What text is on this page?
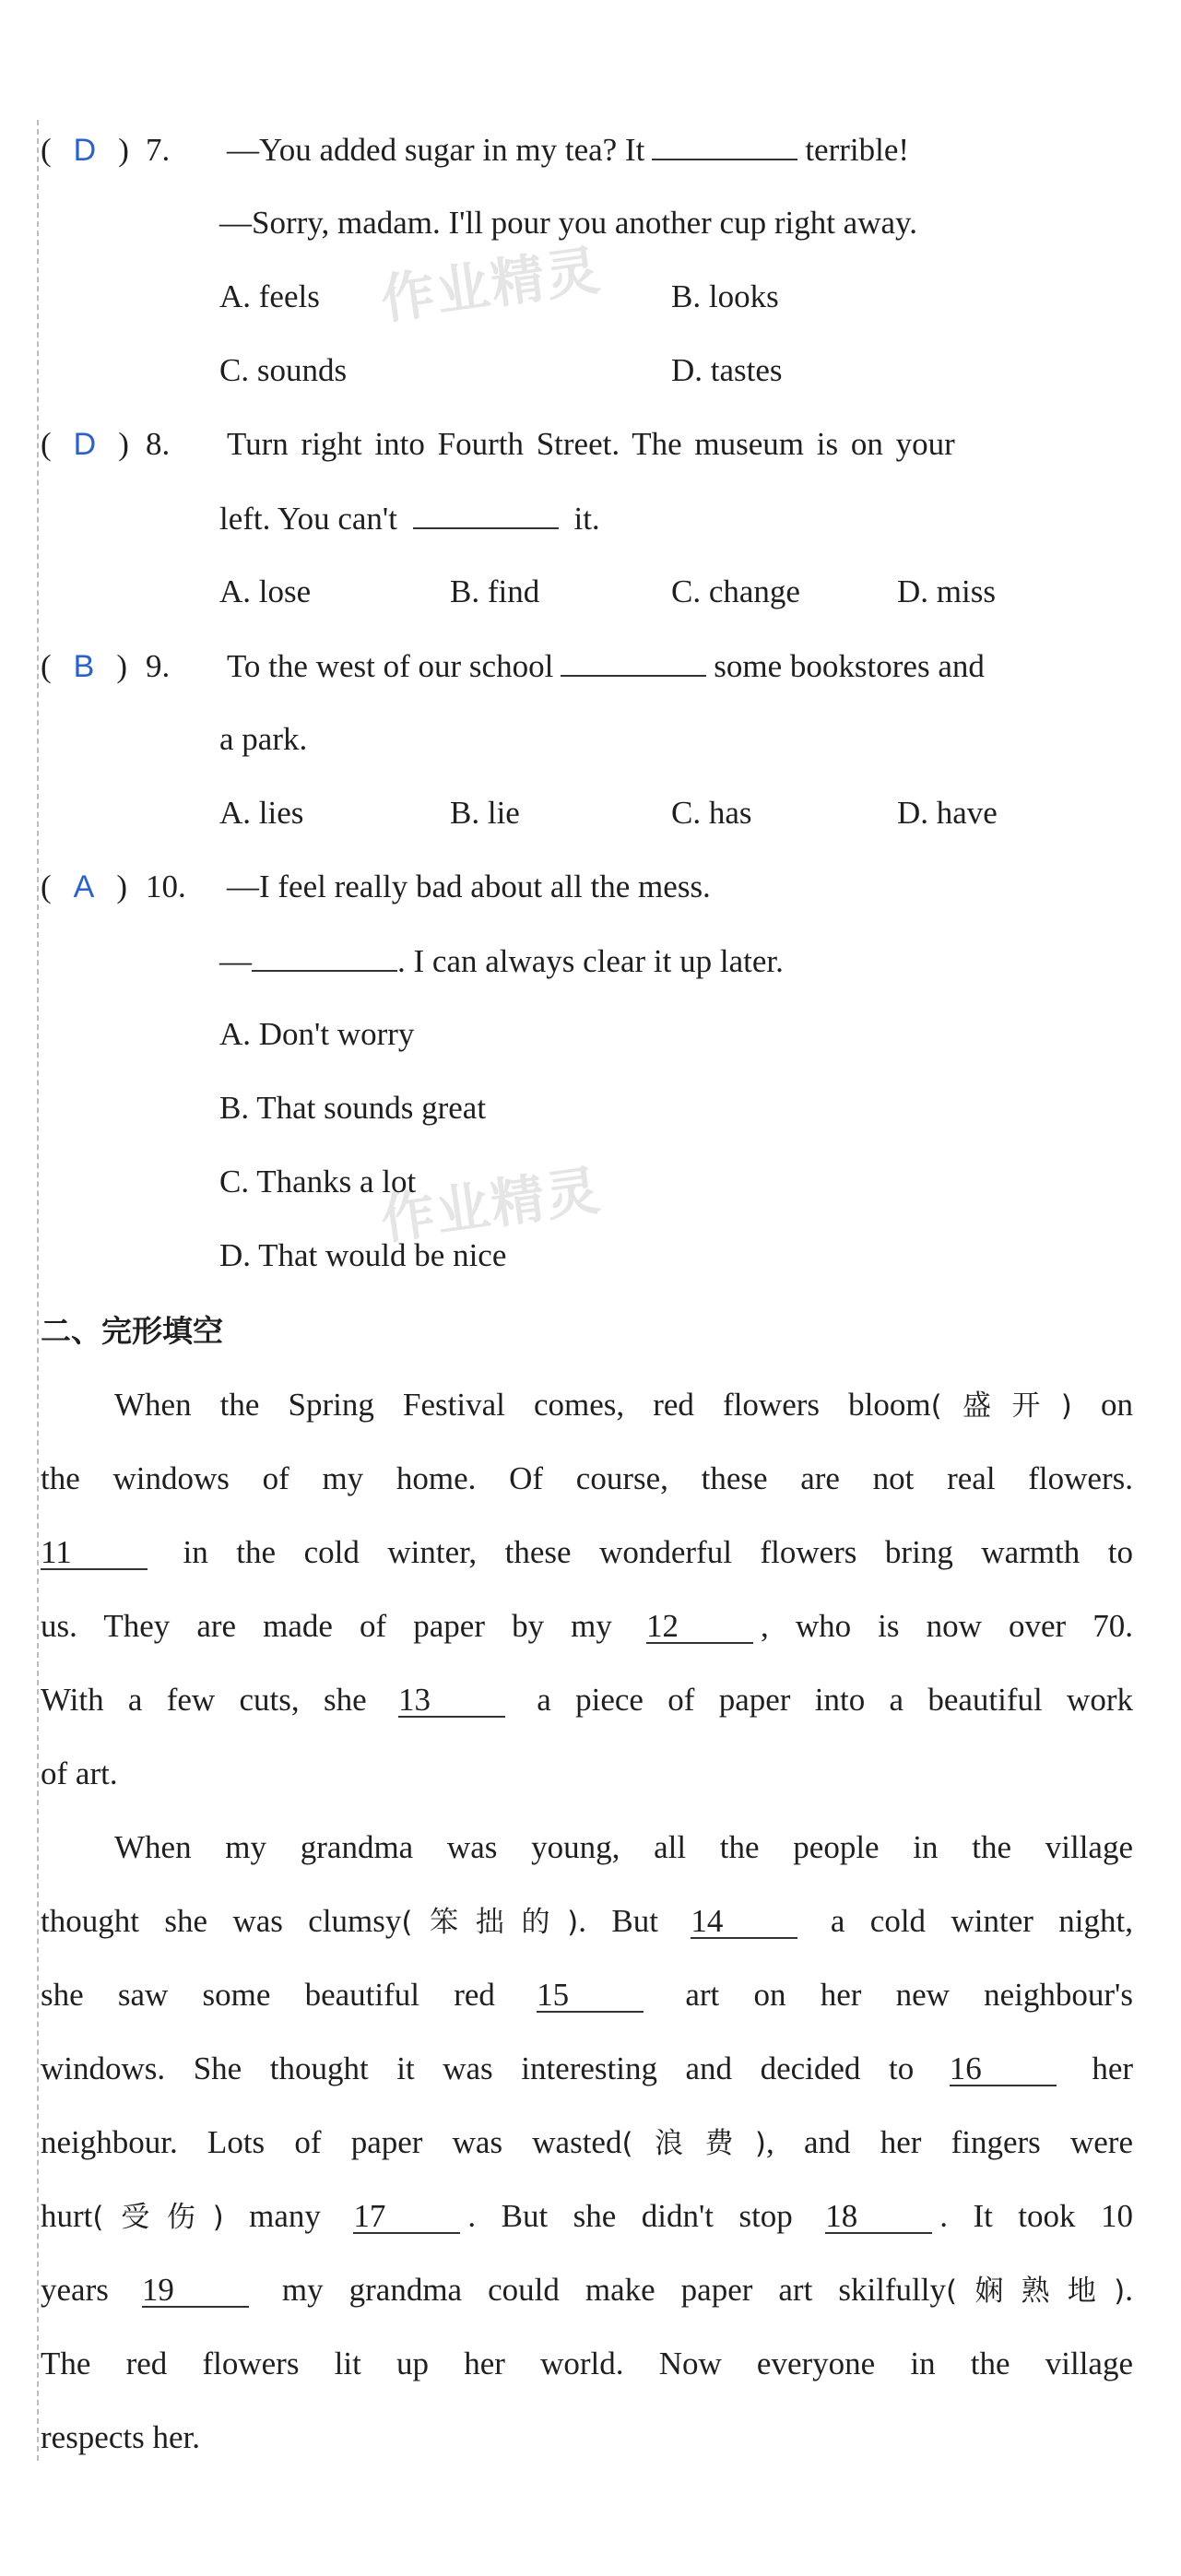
作业精灵
作业精灵
( D ) 7.	—You added sugar in my tea? It	terrible!
—Sorry, madam. I'll pour you another cup right away.
A. feels	B. looks
C. sounds	D. tastes
( D ) 8.	Turn right into Fourth Street. The museum is on your
left. You can't	it.
A. lose	B. find	C. change	D. miss
( B ) 9.	To the west of our school	some bookstores and
a park.
A. lies	B. lie	C. has	D. have
( A ) 10.	—I feel really bad about all the mess.
—	. I can always clear it up later.
A. Don't worry
B. That sounds great
C. Thanks a lot
D. That would be nice
二、完形填空
When the Spring Festival comes, red flowers bloom(盛开) on
the windows of my home. Of course, these are not real flowers.
11	in the cold winter, these wonderful flowers bring warmth to
us. They are made of paper by my 12	, who is now over 70.
With a few cuts, she 13	a piece of paper into a beautiful work
of art.
When my grandma was young, all the people in the village
thought she was clumsy(笨拙的). But 14	a cold winter night,
she saw some beautiful red 15	art on her new neighbour's
windows. She thought it was interesting and decided to 16	her
neighbour. Lots of paper was wasted(浪费), and her fingers were
hurt(受伤) many 17	. But she didn't stop 18	. It took 10
years 19	my grandma could make paper art skilfully(娴熟地).
The red flowers lit up her world. Now everyone in the village
respects her.
